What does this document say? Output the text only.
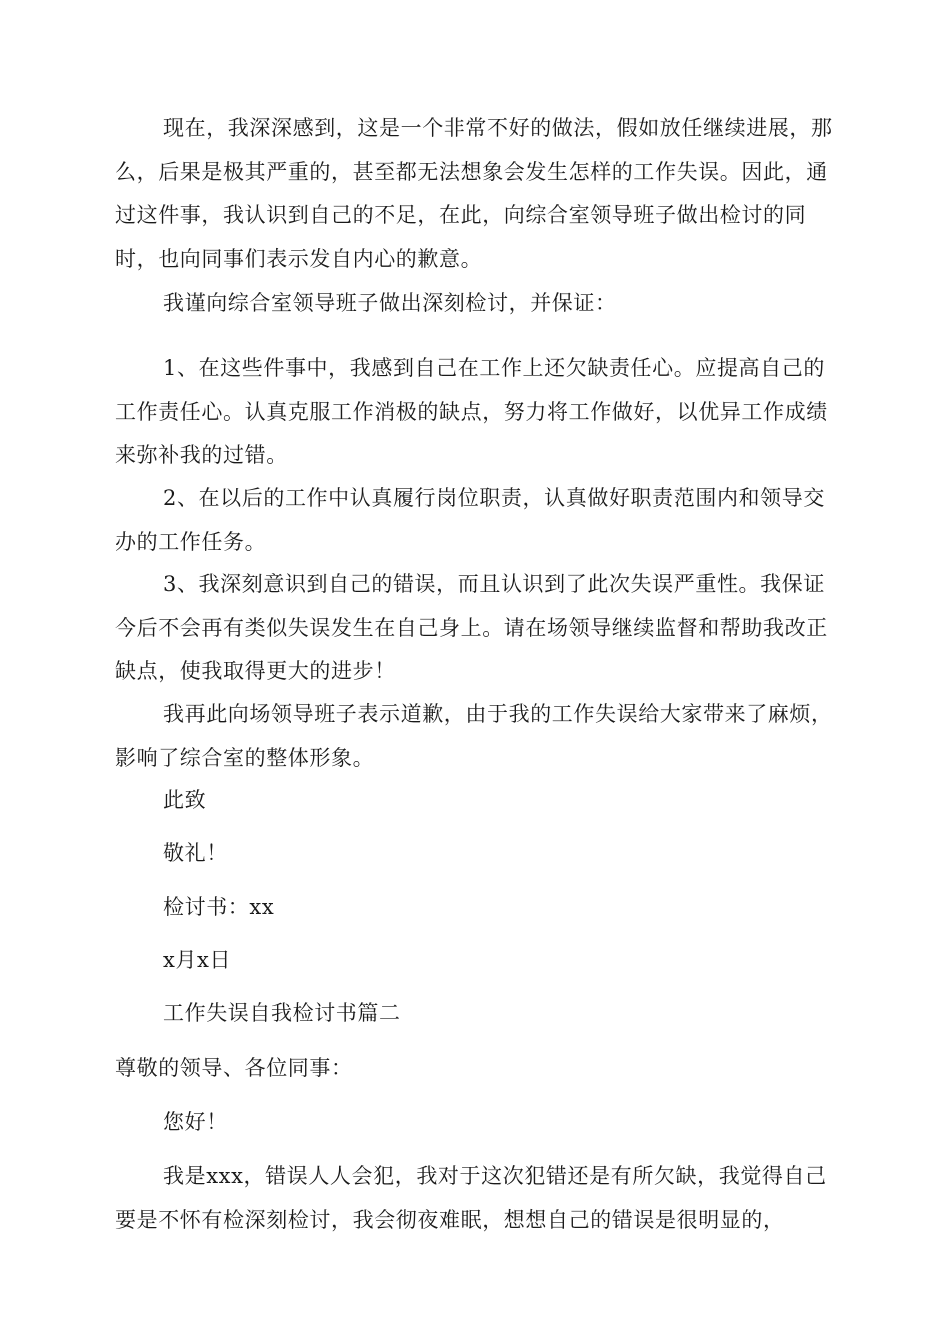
现在，我深深感到，这是一个非常不好的做法，假如放任继续进展，那么，后果是极其严重的，甚至都无法想象会发生怎样的工作失误。因此，通过这件事，我认识到自己的不足，在此，向综合室领导班子做出检讨的同时，也向同事们表示发自内心的歉意。

我谨向综合室领导班子做出深刻检讨，并保证：

1、在这些件事中，我感到自己在工作上还欠缺责任心。应提高自己的工作责任心。认真克服工作消极的缺点，努力将工作做好，以优异工作成绩来弥补我的过错。

2、在以后的工作中认真履行岗位职责，认真做好职责范围内和领导交办的工作任务。

3、我深刻意识到自己的错误，而且认识到了此次失误严重性。我保证今后不会再有类似失误发生在自己身上。请在场领导继续监督和帮助我改正缺点，使我取得更大的进步！

我再此向场领导班子表示道歉，由于我的工作失误给大家带来了麻烦，影响了综合室的整体形象。

此致

敬礼！

检讨书：xx

x月x日

工作失误自我检讨书篇二

尊敬的领导、各位同事：

您好！

我是xxx，错误人人会犯，我对于这次犯错还是有所欠缺，我觉得自己要是不怀有检深刻检讨，我会彻夜难眠，想想自己的错误是很明显的，
